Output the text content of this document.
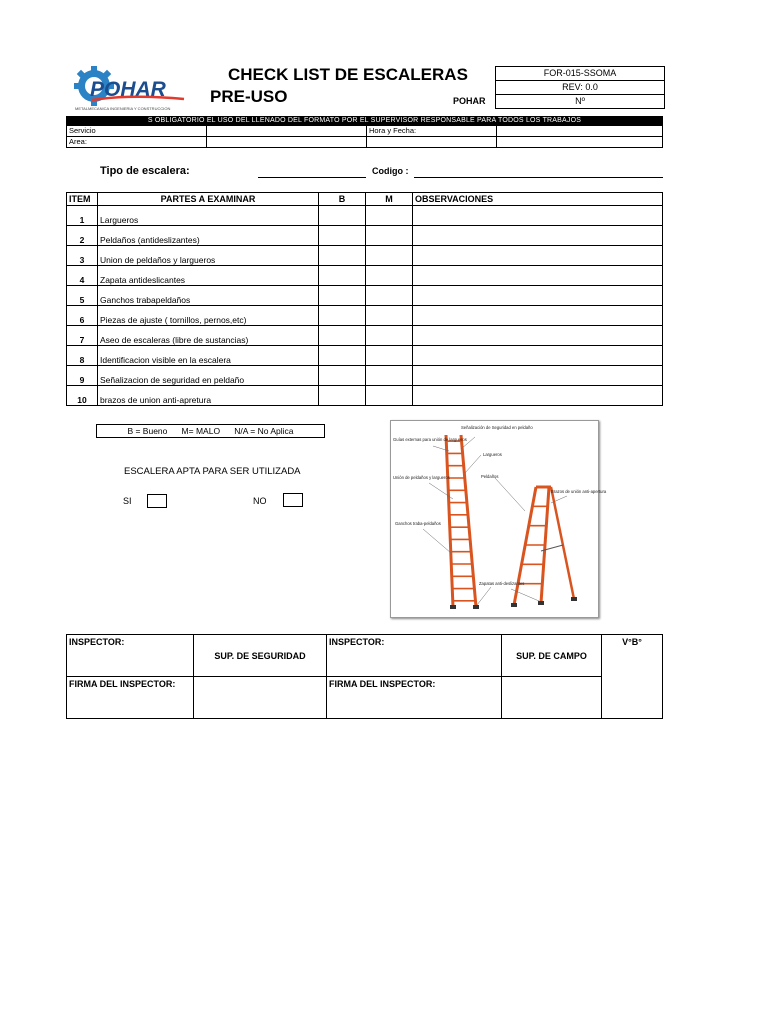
POHAR
METALMECANICA INGENIERIA Y CONSTRUCCION
CHECK LIST DE ESCALERAS PRE-USO	POHAR
FOR-015-SSOMA
REV: 0.0
Nº
S OBLIGATORIO EL USO DEL LLENADO DEL FORMATO POR EL SUPERVISOR RESPONSABLE PARA TODOS LOS TRABAJOS
Servicio		Hora y Fecha:	
Area:			
Tipo de escalera:	Codigo :
ITEM	PARTES A EXAMINAR	B	M	OBSERVACIONES
1	Largueros			
2	Peldaños (antideslizantes)			
3	Union de peldaños y largueros			
4	Zapata antideslicantes			
5	Ganchos trabapeldaños			
6	Piezas de ajuste ( tornillos, pernos,etc)			
7	Aseo de escaleras (libre de sustancias)			
8	Identificacion visible en la escalera			
9	Señalizacion de seguridad en peldaño			
10	brazos de union anti-apretura			
B = Bueno      M= MALO      N/A = No Aplica
ESCALERA APTA PARA SER UTILIZADA
SI	NO
Guías externas para unión de largueros
Señalización de Seguridad en peldaño
Largueros
Unión de peldaños y largueros	Peldaños
Brazos de unión anti-apertura
Ganchos traba-peldaños
Zapatas anti-deslizantes
INSPECTOR:	SUP. DE SEGURIDAD	INSPECTOR:	SUP. DE CAMPO	V°B°
FIRMA DEL INSPECTOR:		FIRMA DEL INSPECTOR:		
